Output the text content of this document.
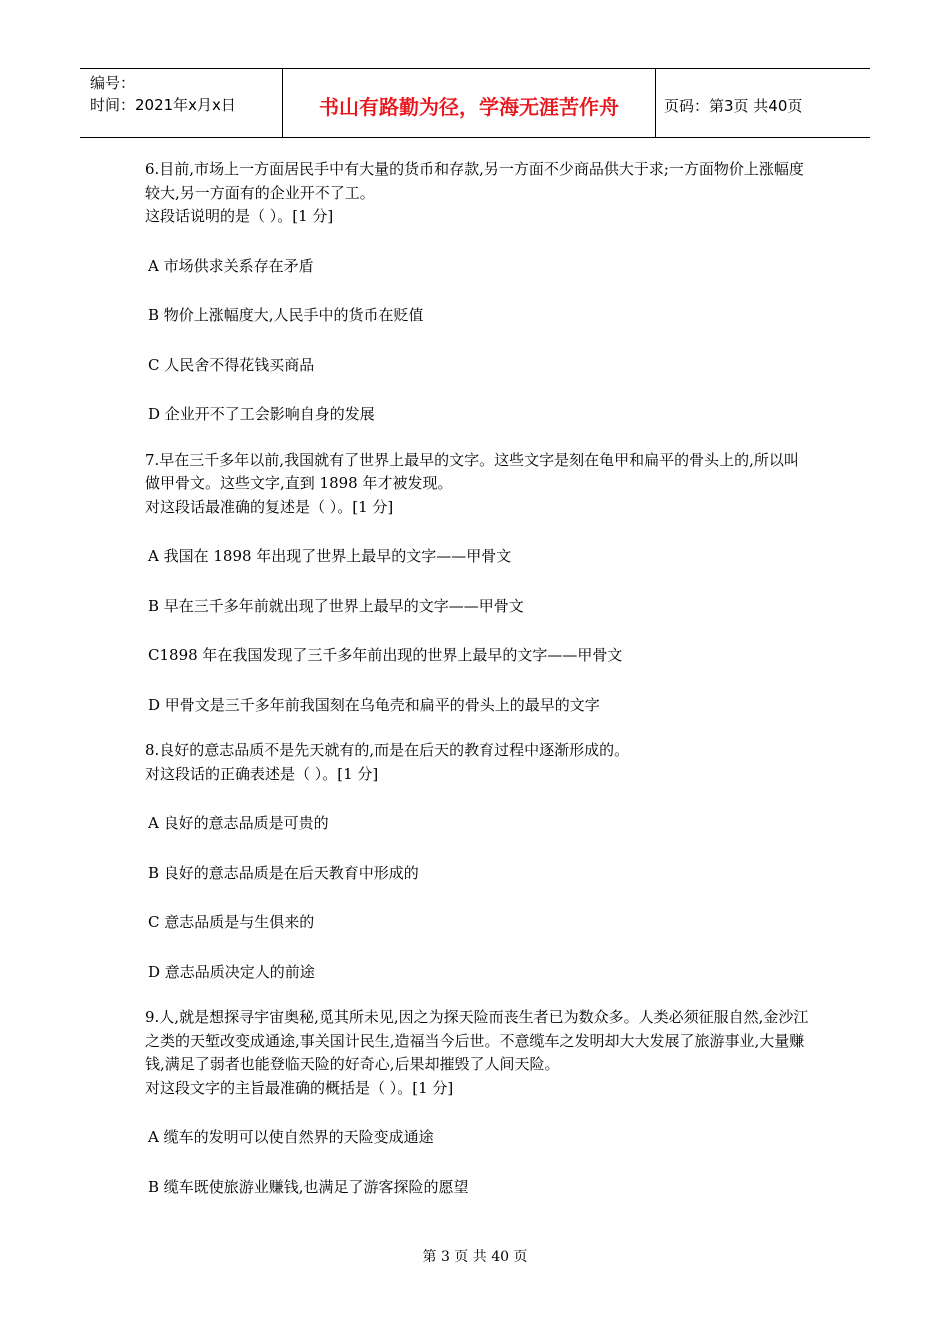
编号：
时间：2021年x月x日	书山有路勤为径，学海无涯苦作舟	页码：第3页 共40页

6.目前,市场上一方面居民手中有大量的货币和存款,另一方面不少商品供大于求;一方面物价上涨幅度较大,另一方面有的企业开不了工。

这段话说明的是（ ）。[1 分]

A 市场供求关系存在矛盾

B 物价上涨幅度大,人民手中的货币在贬值

C 人民舍不得花钱买商品

D 企业开不了工会影响自身的发展

7.早在三千多年以前,我国就有了世界上最早的文字。这些文字是刻在龟甲和扁平的骨头上的,所以叫做甲骨文。这些文字,直到 1898 年才被发现。

对这段话最准确的复述是（ ）。[1 分]

A 我国在 1898 年出现了世界上最早的文字——甲骨文

B 早在三千多年前就出现了世界上最早的文字——甲骨文

C1898 年在我国发现了三千多年前出现的世界上最早的文字——甲骨文

D 甲骨文是三千多年前我国刻在乌龟壳和扁平的骨头上的最早的文字

8.良好的意志品质不是先天就有的,而是在后天的教育过程中逐渐形成的。

对这段话的正确表述是（ ）。[1 分]

A 良好的意志品质是可贵的

B 良好的意志品质是在后天教育中形成的

C 意志品质是与生俱来的

D 意志品质决定人的前途

9.人,就是想探寻宇宙奥秘,觅其所未见,因之为探天险而丧生者已为数众多。人类必须征服自然,金沙江之类的天堑改变成通途,事关国计民生,造福当今后世。不意缆车之发明却大大发展了旅游事业,大量赚钱,满足了弱者也能登临天险的好奇心,后果却摧毁了人间天险。

对这段文字的主旨最准确的概括是（ ）。[1 分]

A 缆车的发明可以使自然界的天险变成通途

B 缆车既使旅游业赚钱,也满足了游客探险的愿望

第 3 页 共 40 页
